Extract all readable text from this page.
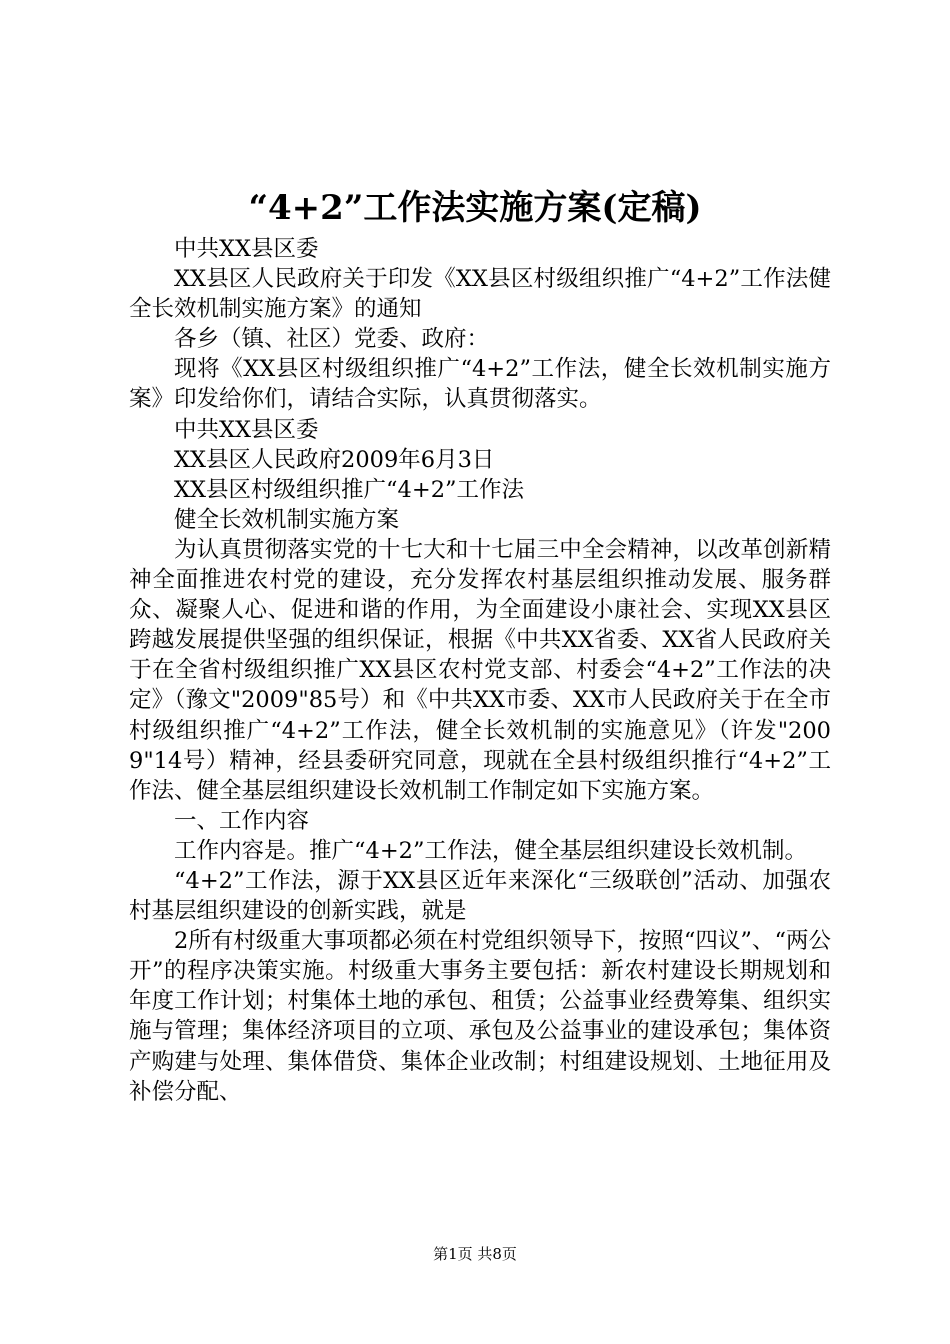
“4+2”工作法实施方案(定稿)

中共XX县区委

XX县区人民政府关于印发《XX县区村级组织推广“4+2”工作法健全长效机制实施方案》的通知

各乡（镇、社区）党委、政府：

现将《XX县区村级组织推广“4+2”工作法，健全长效机制实施方案》印发给你们，请结合实际，认真贯彻落实。

中共XX县区委

XX县区人民政府2009年6月3日

XX县区村级组织推广“4+2”工作法

健全长效机制实施方案

为认真贯彻落实党的十七大和十七届三中全会精神，以改革创新精神全面推进农村党的建设，充分发挥农村基层组织推动发展、服务群众、凝聚人心、促进和谐的作用，为全面建设小康社会、实现XX县区跨越发展提供坚强的组织保证，根据《中共XX省委、XX省人民政府关于在全省村级组织推广XX县区农村党支部、村委会“4+2”工作法的决定》（豫文"2009"85号）和《中共XX市委、XX市人民政府关于在全市村级组织推广“4+2”工作法，健全长效机制的实施意见》（许发"2009"14号）精神，经县委研究同意，现就在全县村级组织推行“4+2”工作法、健全基层组织建设长效机制工作制定如下实施方案。

一、工作内容

工作内容是。推广“4+2”工作法，健全基层组织建设长效机制。

“4+2”工作法，源于XX县区近年来深化“三级联创”活动、加强农村基层组织建设的创新实践，就是

2所有村级重大事项都必须在村党组织领导下，按照“四议”、“两公开”的程序决策实施。村级重大事务主要包括：新农村建设长期规划和年度工作计划；村集体土地的承包、租赁；公益事业经费筹集、组织实施与管理；集体经济项目的立项、承包及公益事业的建设承包；集体资产购建与处理、集体借贷、集体企业改制；村组建设规划、土地征用及补偿分配、

第1页 共8页
